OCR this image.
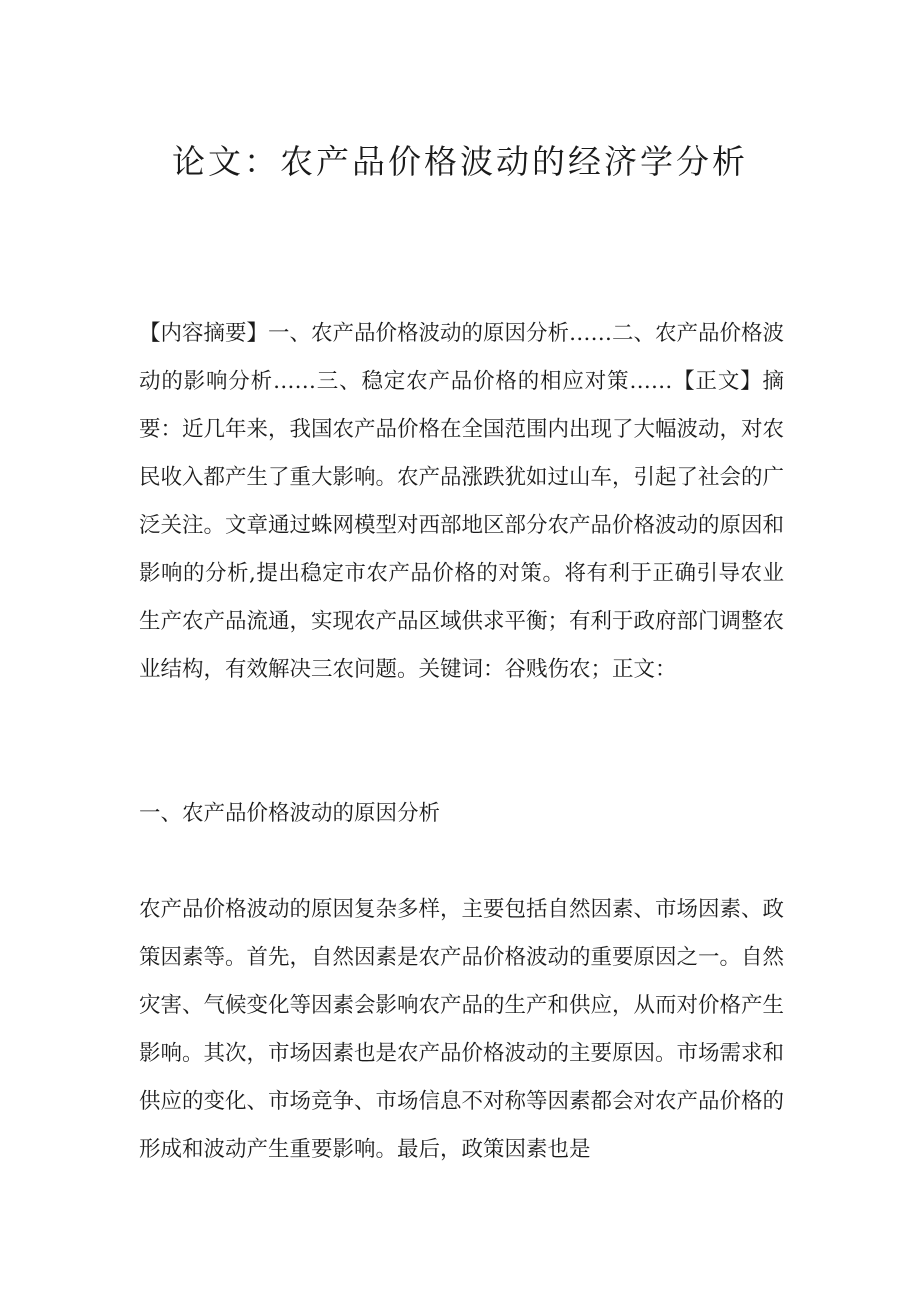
论文：农产品价格波动的经济学分析

【内容摘要】一、农产品价格波动的原因分析……二、农产品价格波动的影响分析……三、稳定农产品价格的相应对策……【正文】摘要：近几年来，我国农产品价格在全国范围内出现了大幅波动，对农民收入都产生了重大影响。农产品涨跌犹如过山车，引起了社会的广泛关注。文章通过蛛网模型对西部地区部分农产品价格波动的原因和影响的分析,提出稳定市农产品价格的对策。将有利于正确引导农业生产农产品流通，实现农产品区域供求平衡；有利于政府部门调整农业结构，有效解决三农问题。关键词：谷贱伤农；正文：

一、农产品价格波动的原因分析

农产品价格波动的原因复杂多样，主要包括自然因素、市场因素、政策因素等。首先，自然因素是农产品价格波动的重要原因之一。自然灾害、气候变化等因素会影响农产品的生产和供应，从而对价格产生影响。其次，市场因素也是农产品价格波动的主要原因。市场需求和供应的变化、市场竞争、市场信息不对称等因素都会对农产品价格的形成和波动产生重要影响。最后，政策因素也是
